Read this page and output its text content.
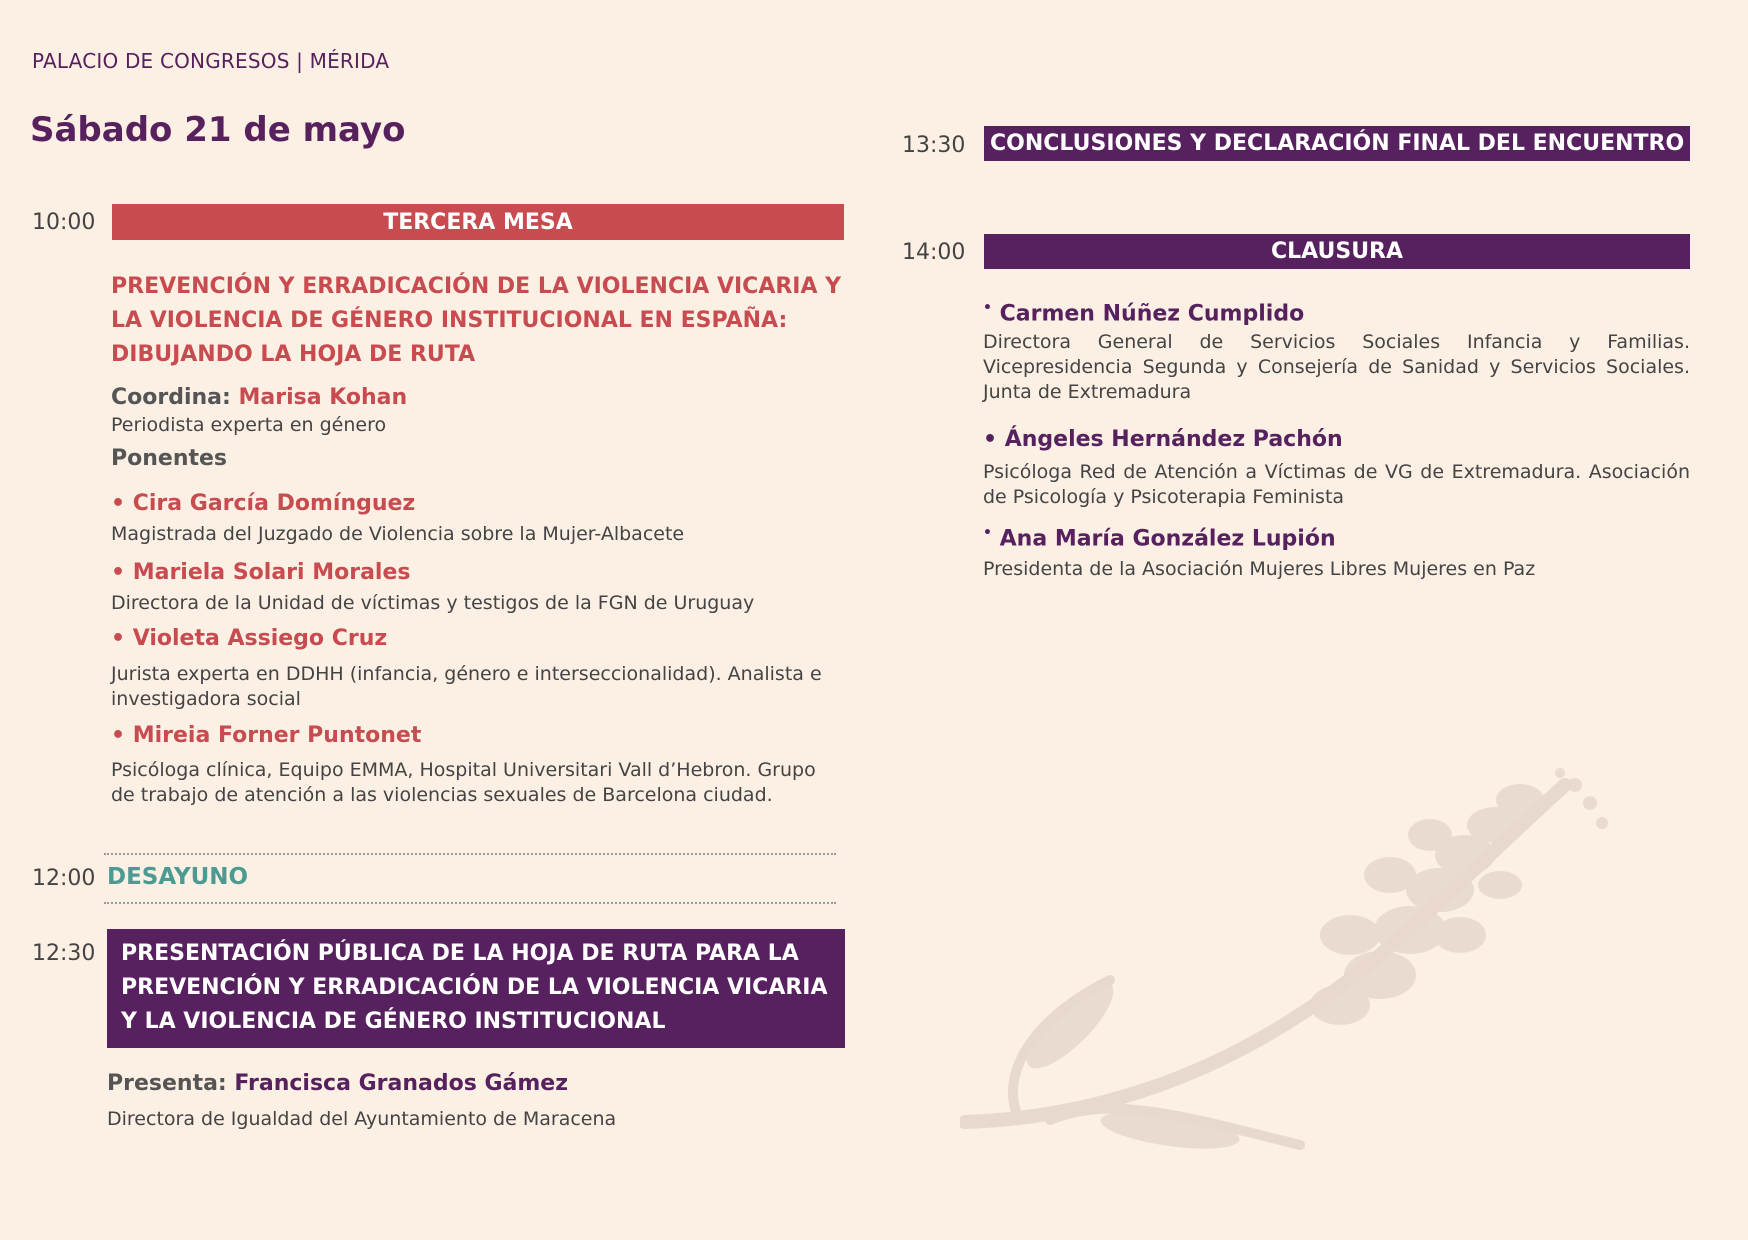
PALACIO DE CONGRESOS | MÉRIDA
Sábado 21 de mayo
10:00	TERCERA MESA
PREVENCIÓN Y ERRADICACIÓN DE LA VIOLENCIA VICARIA Y
LA VIOLENCIA DE GÉNERO INSTITUCIONAL EN ESPAÑA:
DIBUJANDO LA HOJA DE RUTA
Coordina: Marisa Kohan
Periodista experta en género
Ponentes
• Cira García Domínguez
Magistrada del Juzgado de Violencia sobre la Mujer-Albacete
• Mariela Solari Morales
Directora de la Unidad de víctimas y testigos de la FGN de Uruguay
• Violeta Assiego Cruz
Jurista experta en DDHH (infancia, género e interseccionalidad). Analista e
investigadora social
• Mireia Forner Puntonet
Psicóloga clínica, Equipo EMMA, Hospital Universitari Vall d’Hebron. Grupo
de trabajo de atención a las violencias sexuales de Barcelona ciudad.
12:00 DESAYUNO
12:30 PRESENTACIÓN PÚBLICA DE LA HOJA DE RUTA PARA LA
PREVENCIÓN Y ERRADICACIÓN DE LA VIOLENCIA VICARIA
Y LA VIOLENCIA DE GÉNERO INSTITUCIONAL
Presenta: Francisca Granados Gámez
Directora de Igualdad del Ayuntamiento de Maracena
13:30 CONCLUSIONES Y DECLARACIÓN FINAL DEL ENCUENTRO
14:00	CLAUSURA
• Carmen Núñez Cumplido
Directora General de Servicios Sociales Infancia y Familias. Vicepresidencia Segunda y Consejería de Sanidad y Servicios Sociales. Junta de Extremadura
• Ángeles Hernández Pachón
Psicóloga Red de Atención a Víctimas de VG de Extremadura. Asociación de Psicología y Psicoterapia Feminista
• Ana María González Lupión
Presidenta de la Asociación Mujeres Libres Mujeres en Paz
